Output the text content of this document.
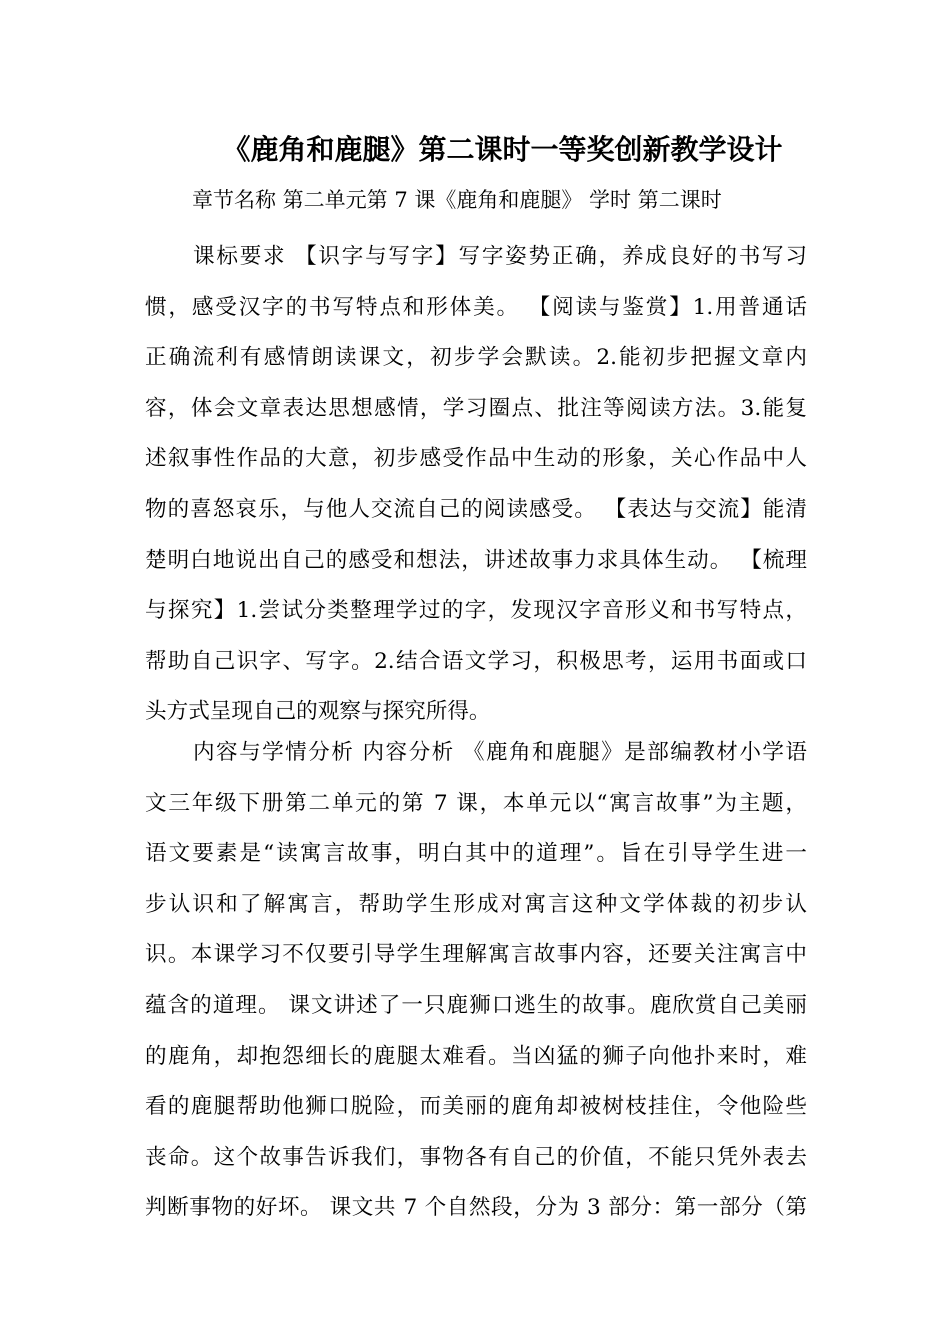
《鹿角和鹿腿》第二课时一等奖创新教学设计
章节名称 第二单元第 7 课《鹿角和鹿腿》 学时 第二课时
课标要求 【识字与写字】写字姿势正确，养成良好的书写习
惯，感受汉字的书写特点和形体美。 【阅读与鉴赏】1.用普通话
正确流利有感情朗读课文，初步学会默读。2.能初步把握文章内
容，体会文章表达思想感情，学习圈点、批注等阅读方法。3.能复
述叙事性作品的大意，初步感受作品中生动的形象，关心作品中人
物的喜怒哀乐，与他人交流自己的阅读感受。 【表达与交流】能清
楚明白地说出自己的感受和想法，讲述故事力求具体生动。 【梳理
与探究】1.尝试分类整理学过的字，发现汉字音形义和书写特点，
帮助自己识字、写字。2.结合语文学习，积极思考，运用书面或口
头方式呈现自己的观察与探究所得。
内容与学情分析 内容分析 《鹿角和鹿腿》是部编教材小学语
文三年级下册第二单元的第 7 课，本单元以“寓言故事”为主题，
语文要素是“读寓言故事，明白其中的道理”。旨在引导学生进一
步认识和了解寓言，帮助学生形成对寓言这种文学体裁的初步认
识。本课学习不仅要引导学生理解寓言故事内容，还要关注寓言中
蕴含的道理。 课文讲述了一只鹿狮口逃生的故事。鹿欣赏自己美丽
的鹿角，却抱怨细长的鹿腿太难看。当凶猛的狮子向他扑来时，难
看的鹿腿帮助他狮口脱险，而美丽的鹿角却被树枝挂住，令他险些
丧命。这个故事告诉我们，事物各有自己的价值，不能只凭外表去
判断事物的好坏。 课文共 7 个自然段，分为 3 部分：第一部分（第
